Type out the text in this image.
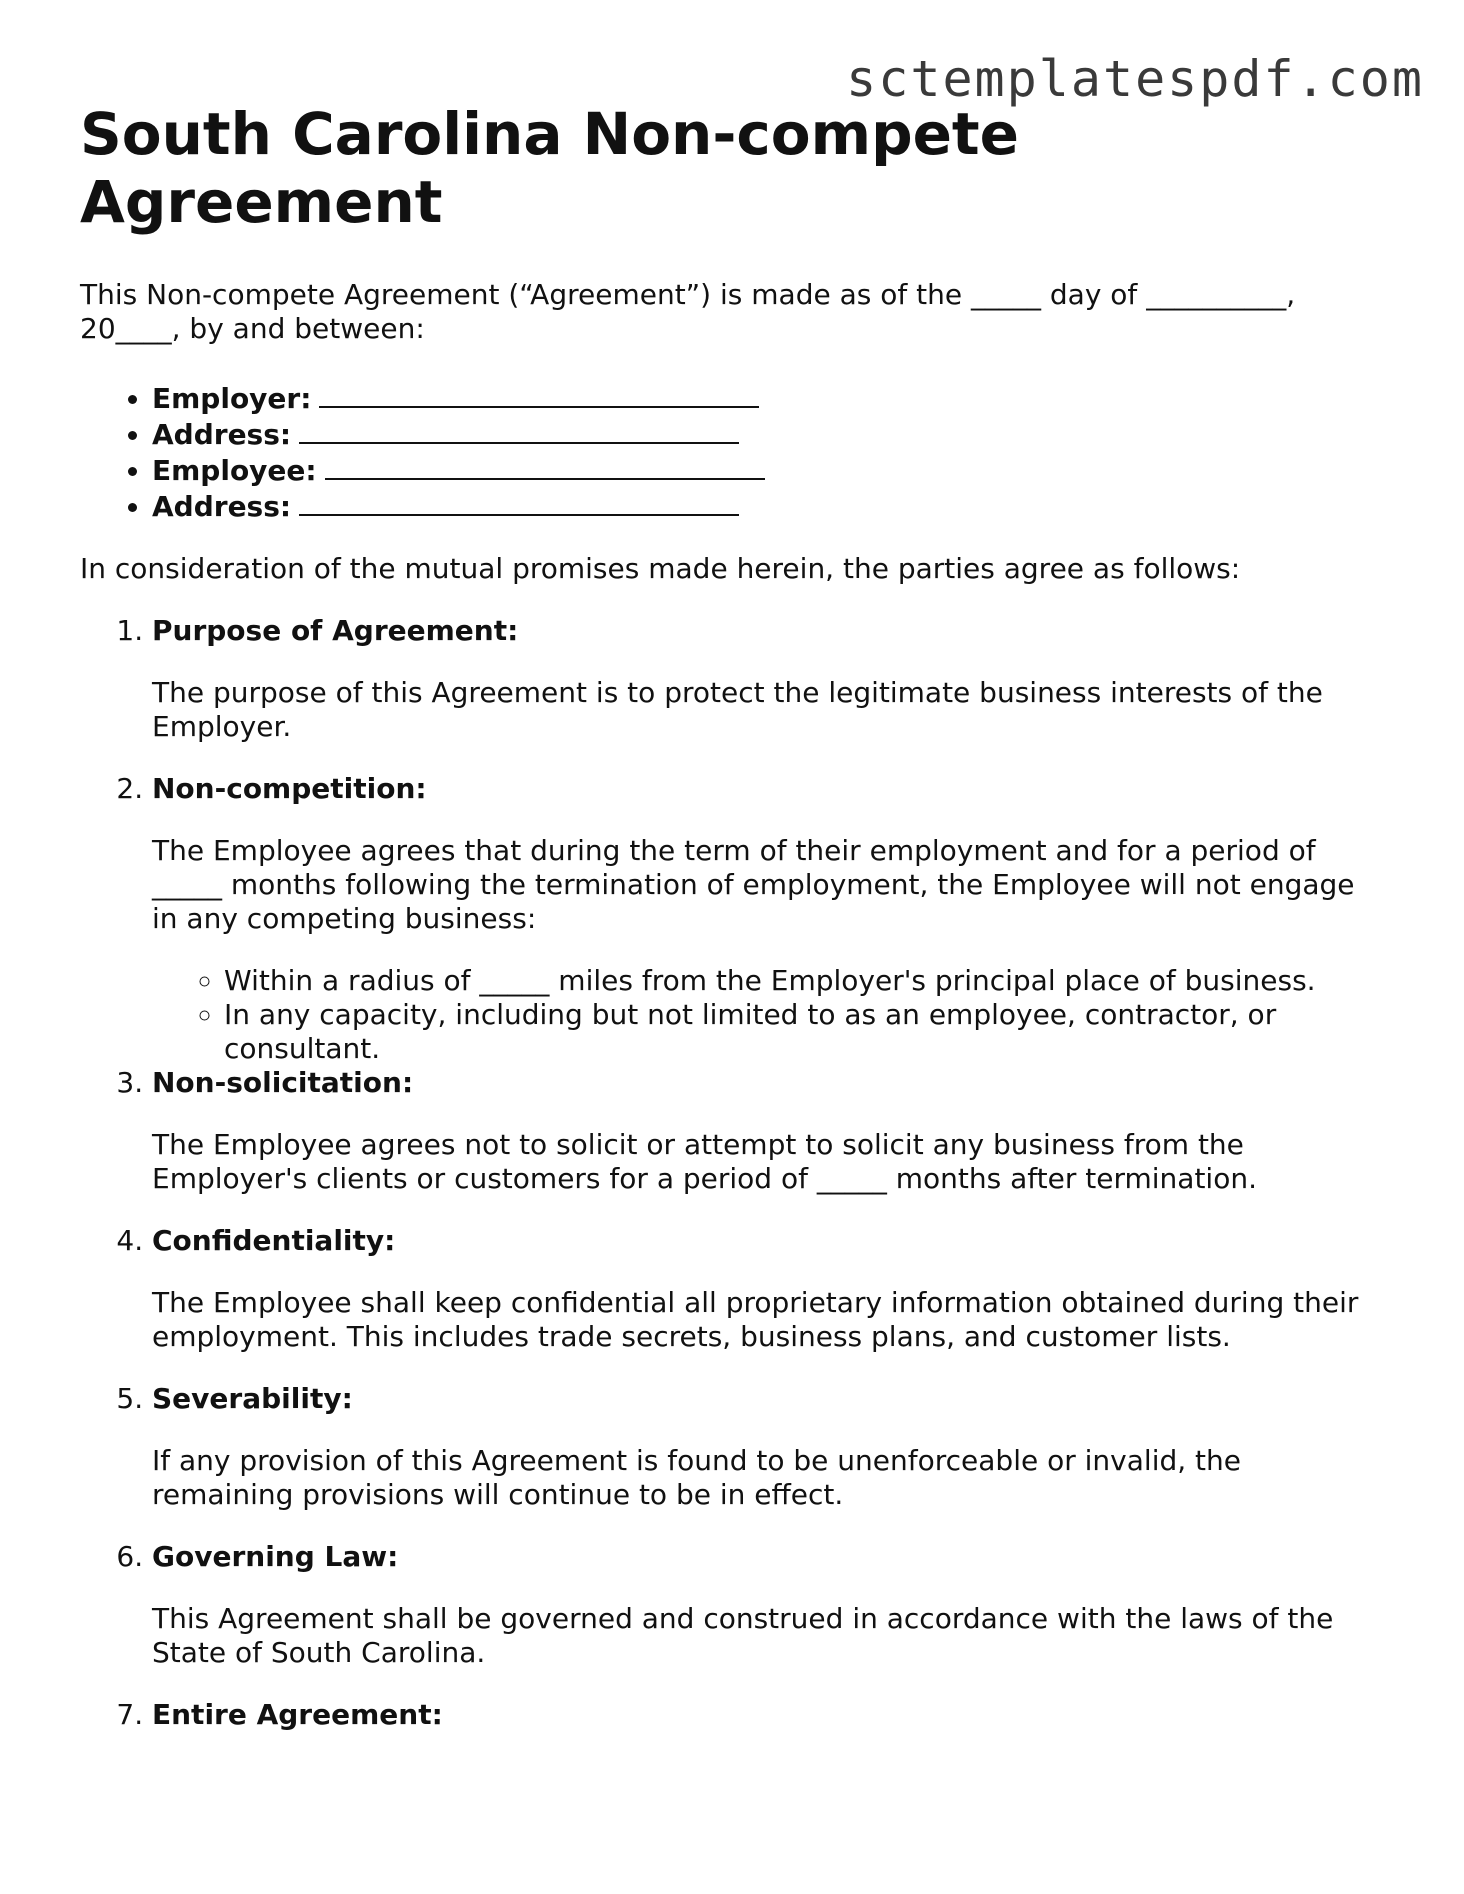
sctemplatespdf.com
South Carolina Non-compete Agreement

This Non-compete Agreement (“Agreement”) is made as of the _____ day of __________, 20____, by and between:

• Employer:
• Address:
• Employee:
• Address:

In consideration of the mutual promises made herein, the parties agree as follows:

1. Purpose of Agreement:
The purpose of this Agreement is to protect the legitimate business interests of the Employer.
2. Non-competition:
The Employee agrees that during the term of their employment and for a period of _____ months following the termination of employment, the Employee will not engage in any competing business:
◦ Within a radius of _____ miles from the Employer's principal place of business.
◦ In any capacity, including but not limited to as an employee, contractor, or consultant.
3. Non-solicitation:
The Employee agrees not to solicit or attempt to solicit any business from the Employer's clients or customers for a period of _____ months after termination.
4. Confidentiality:
The Employee shall keep confidential all proprietary information obtained during their employment. This includes trade secrets, business plans, and customer lists.
5. Severability:
If any provision of this Agreement is found to be unenforceable or invalid, the remaining provisions will continue to be in effect.
6. Governing Law:
This Agreement shall be governed and construed in accordance with the laws of the State of South Carolina.
7. Entire Agreement:
